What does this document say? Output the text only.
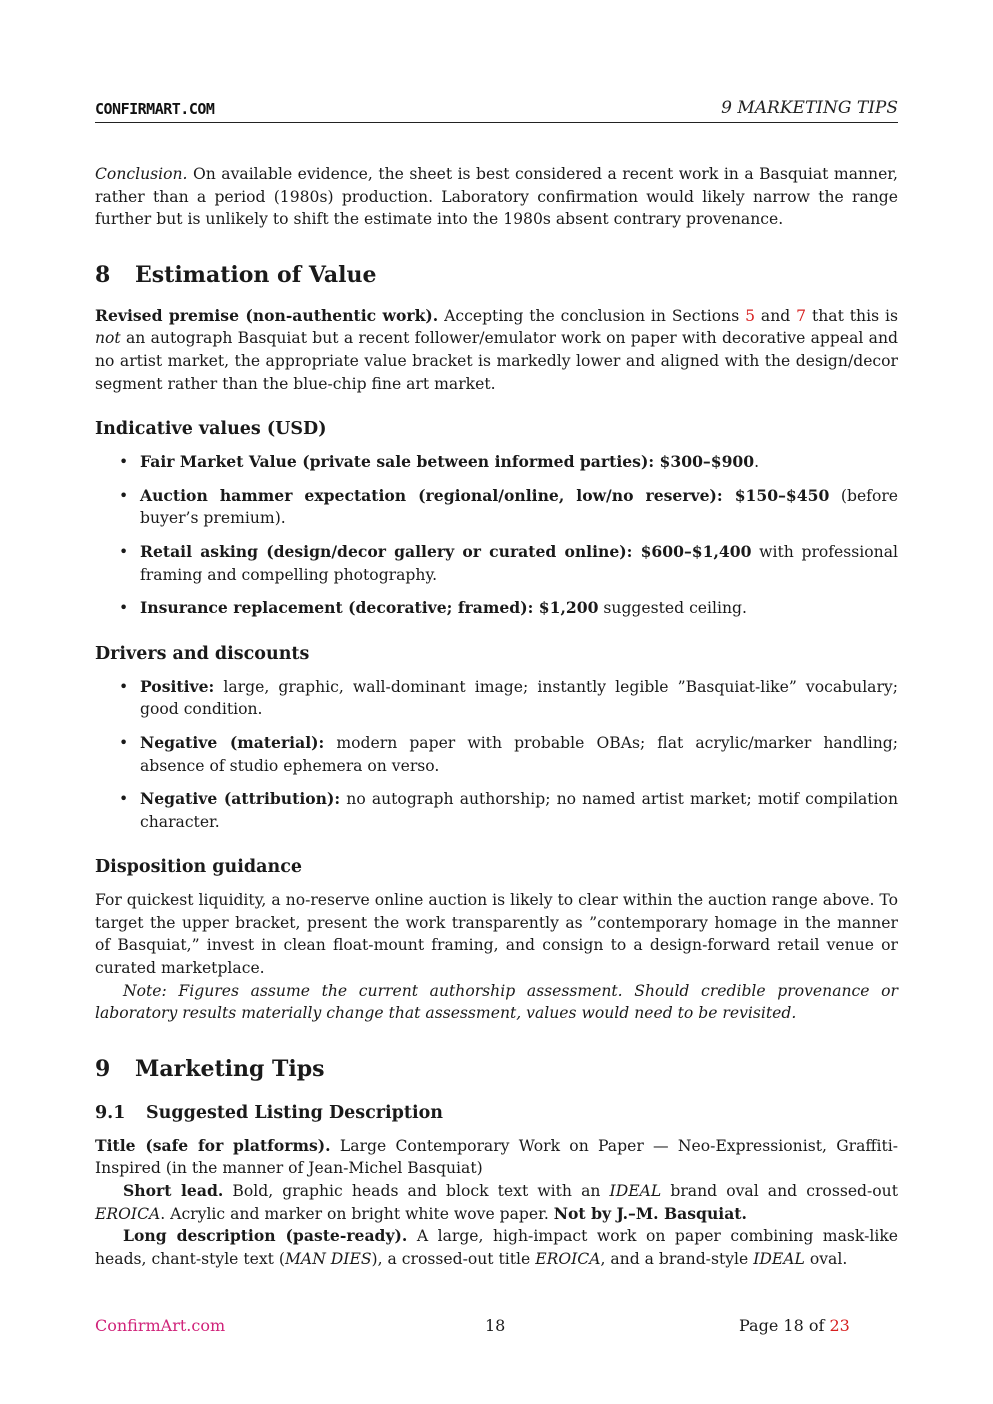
CONFIRMART.COM	9 MARKETING TIPS

Conclusion. On available evidence, the sheet is best considered a recent work in a Basquiat manner, rather than a period (1980s) production. Laboratory confirmation would likely narrow the range further but is unlikely to shift the estimate into the 1980s absent contrary provenance.

8 Estimation of Value

Revised premise (non-authentic work). Accepting the conclusion in Sections 5 and 7 that this is not an autograph Basquiat but a recent follower/emulator work on paper with decorative appeal and no artist market, the appropriate value bracket is markedly lower and aligned with the design/decor segment rather than the blue-chip fine art market.

Indicative values (USD)
• Fair Market Value (private sale between informed parties): $300–$900.
• Auction hammer expectation (regional/online, low/no reserve): $150–$450 (before buyer’s premium).
• Retail asking (design/decor gallery or curated online): $600–$1,400 with professional framing and compelling photography.
• Insurance replacement (decorative; framed): $1,200 suggested ceiling.
Drivers and discounts
• Positive: large, graphic, wall-dominant image; instantly legible ”Basquiat-like” vocabulary; good condition.
• Negative (material): modern paper with probable OBAs; flat acrylic/marker handling; absence of studio ephemera on verso.
• Negative (attribution): no autograph authorship; no named artist market; motif compilation character.
Disposition guidance

For quickest liquidity, a no-reserve online auction is likely to clear within the auction range above. To target the upper bracket, present the work transparently as ”contemporary homage in the manner of Basquiat,” invest in clean float-mount framing, and consign to a design-forward retail venue or curated marketplace.

Note: Figures assume the current authorship assessment. Should credible provenance or laboratory results materially change that assessment, values would need to be revisited.

9 Marketing Tips
9.1 Suggested Listing Description

Title (safe for platforms). Large Contemporary Work on Paper — Neo-Expressionist, Graffiti-Inspired (in the manner of Jean-Michel Basquiat)

Short lead. Bold, graphic heads and block text with an IDEAL brand oval and crossed-out EROICA. Acrylic and marker on bright white wove paper. Not by J.–M. Basquiat.

Long description (paste-ready). A large, high-impact work on paper combining mask-like heads, chant-style text (MAN DIES), a crossed-out title EROICA, and a brand-style IDEAL oval.

ConfirmArt.com	18	Page 18 of 23
